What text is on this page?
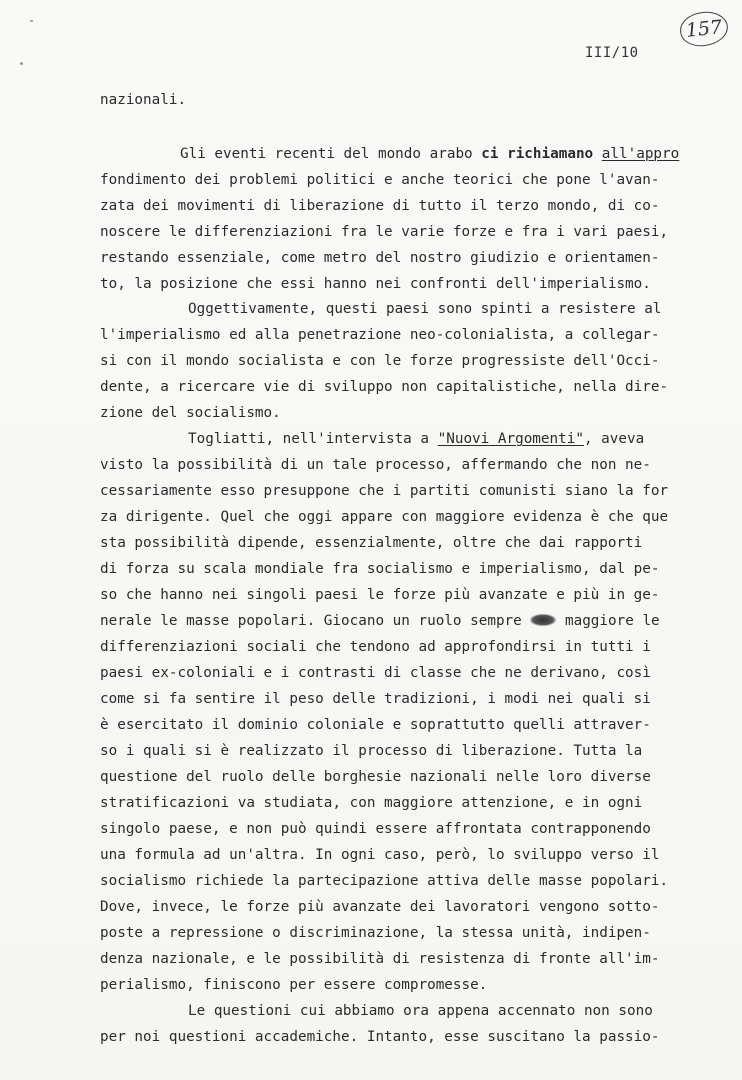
157
III/10
nazionali.
Gli eventi recenti del mondo arabo ci richiamano all'appro
fondimento dei problemi politici e anche teorici che pone l'avan-
zata dei movimenti di liberazione di tutto il terzo mondo, di co-
noscere le differenziazioni fra le varie forze e fra i vari paesi,
restando essenziale, come metro del nostro giudizio e orientamen-
to, la posizione che essi hanno nei confronti dell'imperialismo.
Oggettivamente, questi paesi sono spinti a resistere al
l'imperialismo ed alla penetrazione neo-colonialista, a collegar-
si con il mondo socialista e con le forze progressiste dell'Occi-
dente, a ricercare vie di sviluppo non capitalistiche, nella dire-
zione del socialismo.
Togliatti, nell'intervista a "Nuovi Argomenti", aveva
visto la possibilità di un tale processo, affermando che non ne-
cessariamente esso presuppone che i partiti comunisti siano la for
za dirigente. Quel che oggi appare con maggiore evidenza è che que
sta possibilità dipende, essenzialmente, oltre che dai rapporti
di forza su scala mondiale fra socialismo e imperialismo, dal pe-
so che hanno nei singoli paesi le forze più avanzate e più in ge-
nerale le masse popolari. Giocano un ruolo sempre	maggiore le
differenziazioni sociali che tendono ad approfondirsi in tutti i
paesi ex-coloniali e i contrasti di classe che ne derivano, così
come si fa sentire il peso delle tradizioni, i modi nei quali si
è esercitato il dominio coloniale e soprattutto quelli attraver-
so i quali si è realizzato il processo di liberazione. Tutta la
questione del ruolo delle borghesie nazionali nelle loro diverse
stratificazioni va studiata, con maggiore attenzione, e in ogni
singolo paese, e non può quindi essere affrontata contrapponendo
una formula ad un'altra. In ogni caso, però, lo sviluppo verso il
socialismo richiede la partecipazione attiva delle masse popolari.
Dove, invece, le forze più avanzate dei lavoratori vengono sotto-
poste a repressione o discriminazione, la stessa unità, indipen-
denza nazionale, e le possibilità di resistenza di fronte all'im-
perialismo, finiscono per essere compromesse.
Le questioni cui abbiamo ora appena accennato non sono
per noi questioni accademiche. Intanto, esse suscitano la passio-
